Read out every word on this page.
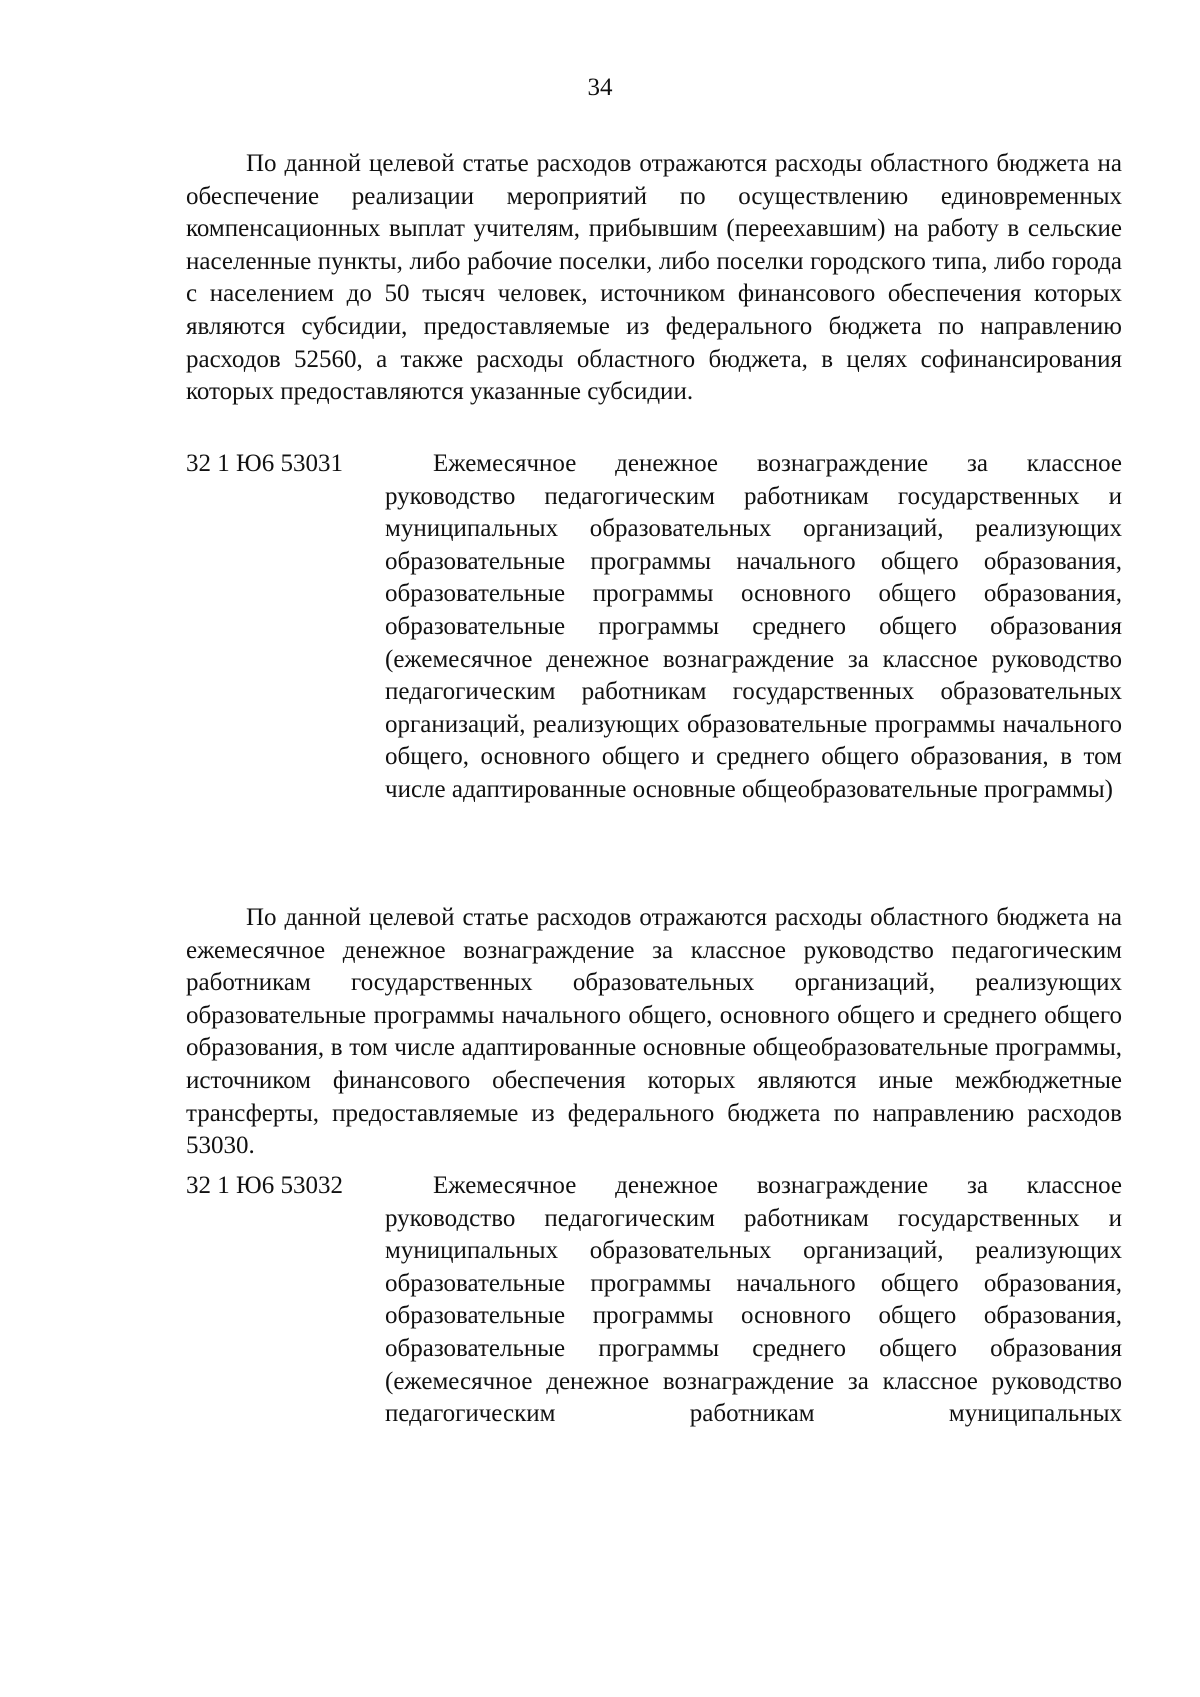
34

По данной целевой статье расходов отражаются расходы областного бюджета на обеспечение реализации мероприятий по осуществлению единовременных компенсационных выплат учителям, прибывшим (переехавшим) на работу в сельские населенные пункты, либо рабочие поселки, либо поселки городского типа, либо города с населением до 50 тысяч человек, источником финансового обеспечения которых являются субсидии, предоставляемые из федерального бюджета по направлению расходов 52560, а также расходы областного бюджета, в целях софинансирования которых предоставляются указанные субсидии.

32 1 Ю6 53031	Ежемесячное денежное вознаграждение за классное руководство педагогическим работникам государственных и муниципальных образовательных организаций, реализующих образовательные программы начального общего образования, образовательные программы основного общего образования, образовательные программы среднего общего образования (ежемесячное денежное вознаграждение за классное руководство педагогическим работникам государственных образовательных организаций, реализующих образовательные программы начального общего, основного общего и среднего общего образования, в том числе адаптированные основные общеобразовательные программы)

По данной целевой статье расходов отражаются расходы областного бюджета на ежемесячное денежное вознаграждение за классное руководство педагогическим работникам государственных образовательных организаций, реализующих образовательные программы начального общего, основного общего и среднего общего образования, в том числе адаптированные основные общеобразовательные программы, источником финансового обеспечения которых являются иные межбюджетные трансферты, предоставляемые из федерального бюджета по направлению расходов 53030.

32 1 Ю6 53032	Ежемесячное денежное вознаграждение за классное руководство педагогическим работникам государственных и муниципальных образовательных организаций, реализующих образовательные программы начального общего образования, образовательные программы основного общего образования, образовательные программы среднего общего образования (ежемесячное денежное вознаграждение за классное руководство педагогическим работникам муниципальных
